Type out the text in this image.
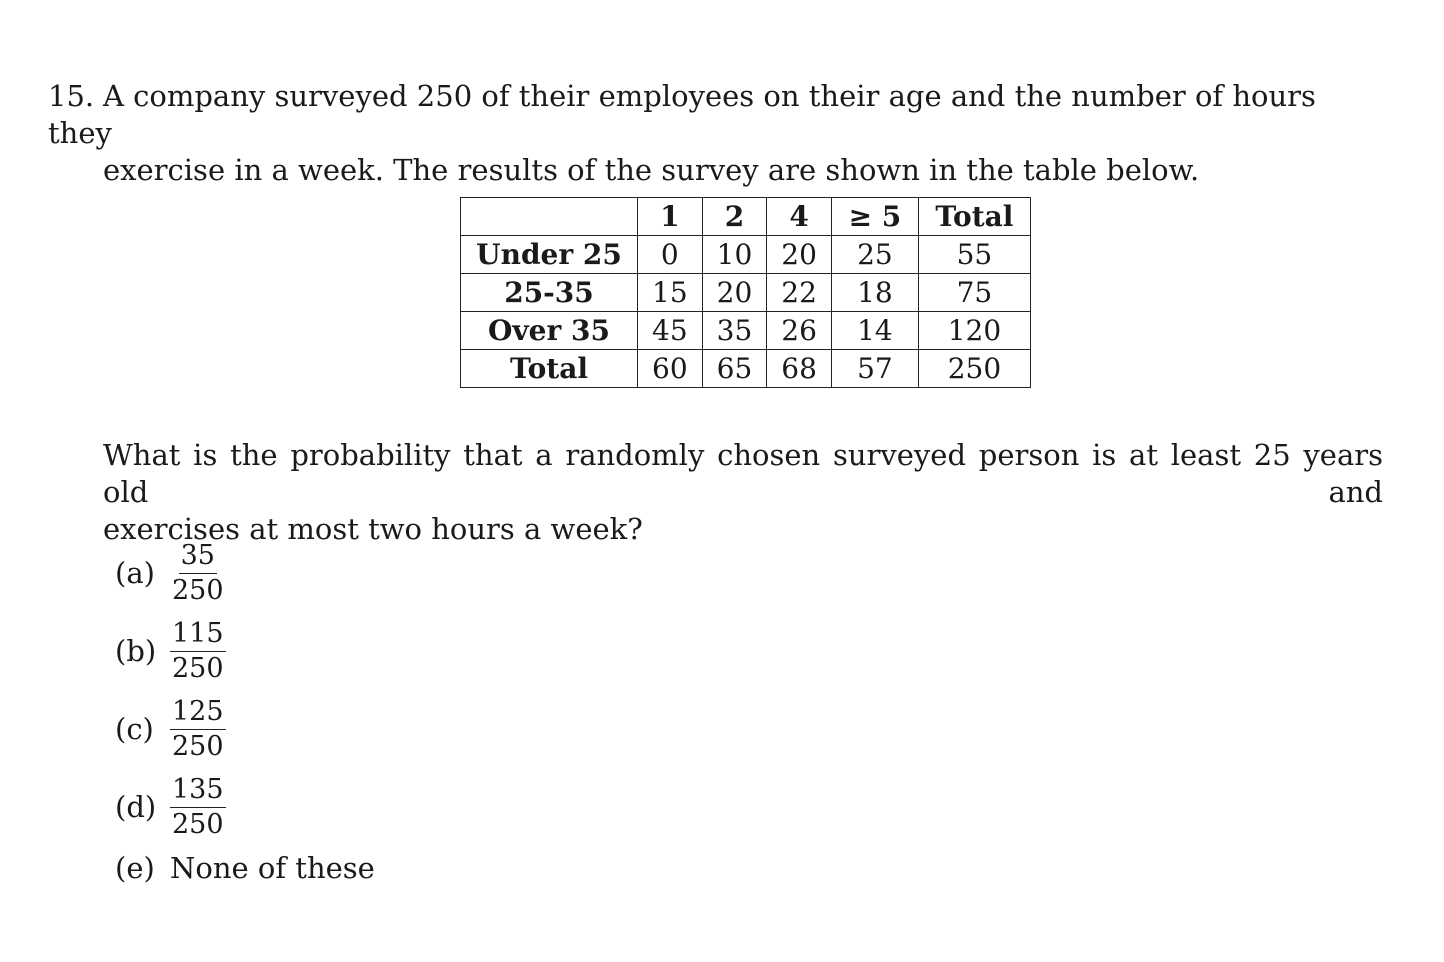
15. A company surveyed 250 of their employees on their age and the number of hours they
exercise in a week. The results of the survey are shown in the table below.

	1	2	4	≥ 5	Total
Under 25	0	10	20	25	55
25-35	15	20	22	18	75
Over 35	45	35	26	14	120
Total	60	65	68	57	250
What is the probability that a randomly chosen surveyed person is at least 25 years old and
exercises at most two hours a week?
$(a) \frac{35}{250}$
$(b) \frac{115}{250}$
$(c) \frac{125}{250}$
$(d) \frac{135}{250}$
(e) None of these
